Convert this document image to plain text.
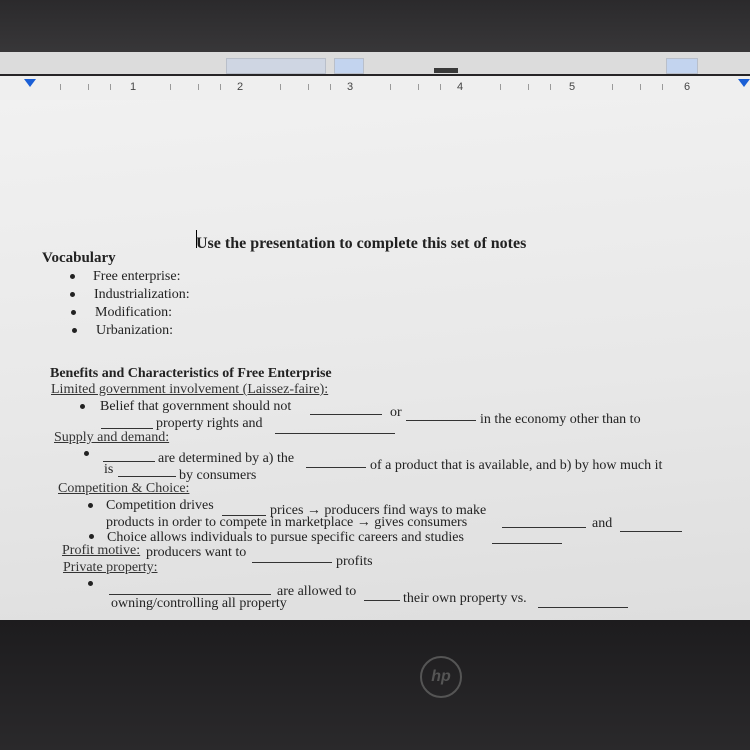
1	2	3	4	5	6
Use the presentation to complete this set of notes
Vocabulary
Free enterprise:
Industrialization:
Modification:
Urbanization:
Benefits and Characteristics of Free Enterprise
Limited government involvement (Laissez-faire):
Belief that government should not	or	in the economy other than to
property rights and
Supply and demand:
are determined by a) the	of a product that is available, and b) by how much it
is	by consumers
Competition & Choice:
Competition drives	prices → producers find ways to make
and
products in order to compete in marketplace → gives consumers
Choice allows individuals to pursue specific careers and studies
Profit motive: producers want to
profits
Private property:
are allowed to	their own property vs.
owning/controlling all property
hp
